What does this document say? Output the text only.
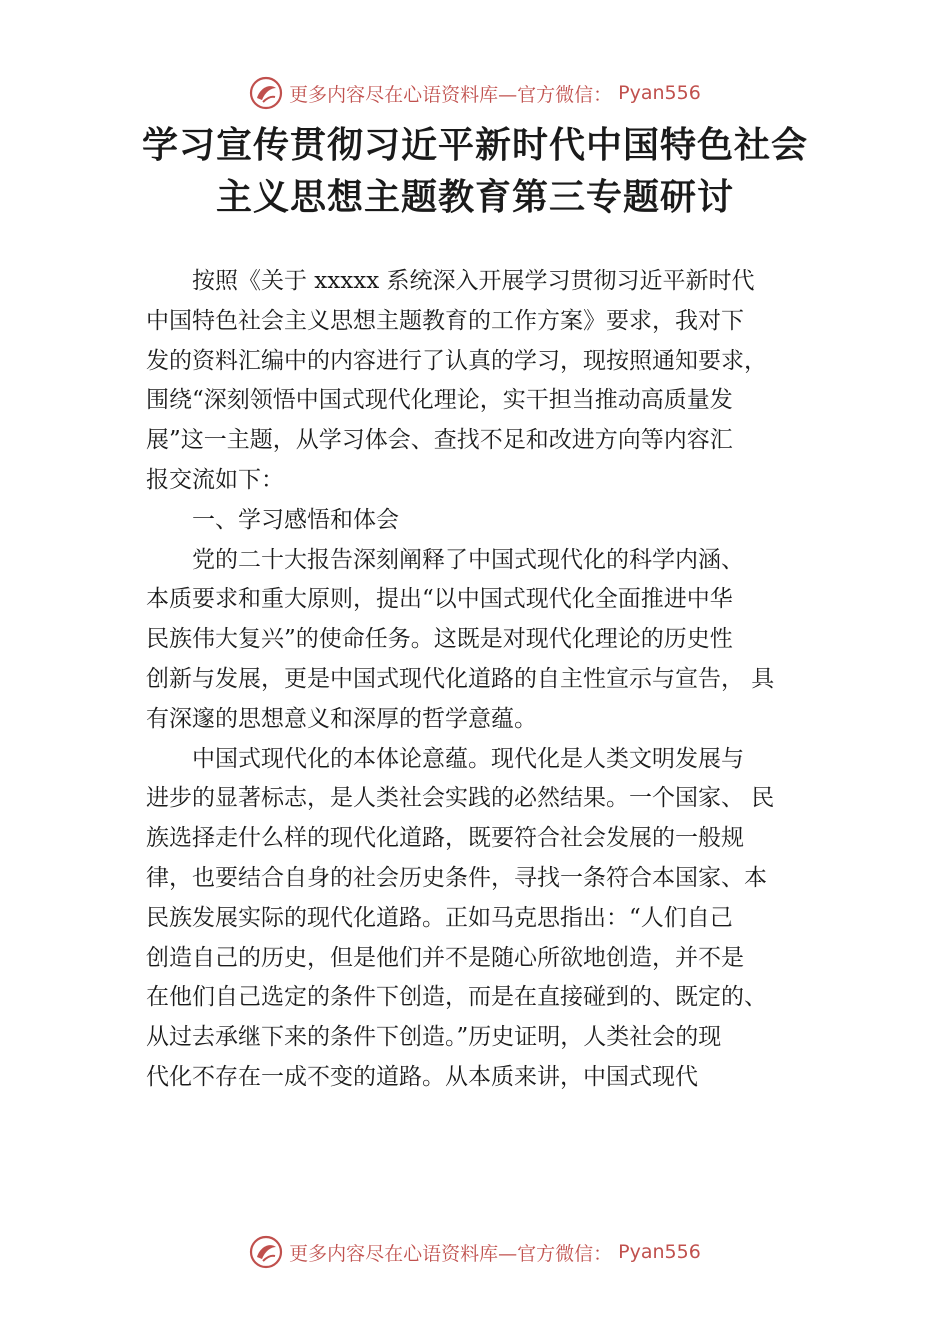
更多内容尽在心语资料库—官方微信： Pyan556
学习宣传贯彻习近平新时代中国特色社会
主义思想主题教育第三专题研讨

按照《关于 xxxxx 系统深入开展学习贯彻习近平新时代
中国特色社会主义思想主题教育的工作方案》要求，我对下
发的资料汇编中的内容进行了认真的学习，现按照通知要求，
围绕“深刻领悟中国式现代化理论，实干担当推动高质量发
展”这一主题，从学习体会、查找不足和改进方向等内容汇
报交流如下：

一、学习感悟和体会

党的二十大报告深刻阐释了中国式现代化的科学内涵、
本质要求和重大原则，提出“以中国式现代化全面推进中华
民族伟大复兴”的使命任务。这既是对现代化理论的历史性
创新与发展，更是中国式现代化道路的自主性宣示与宣告， 具
有深邃的思想意义和深厚的哲学意蕴。

中国式现代化的本体论意蕴。现代化是人类文明发展与
进步的显著标志，是人类社会实践的必然结果。一个国家、 民
族选择走什么样的现代化道路，既要符合社会发展的一般规
律，也要结合自身的社会历史条件，寻找一条符合本国家、本
民族发展实际的现代化道路。正如马克思指出：“人们自己
创造自己的历史，但是他们并不是随心所欲地创造，并不是
在他们自己选定的条件下创造，而是在直接碰到的、既定的、
从过去承继下来的条件下创造。”历史证明，人类社会的现
代化不存在一成不变的道路。从本质来讲，中国式现代

更多内容尽在心语资料库—官方微信： Pyan556
